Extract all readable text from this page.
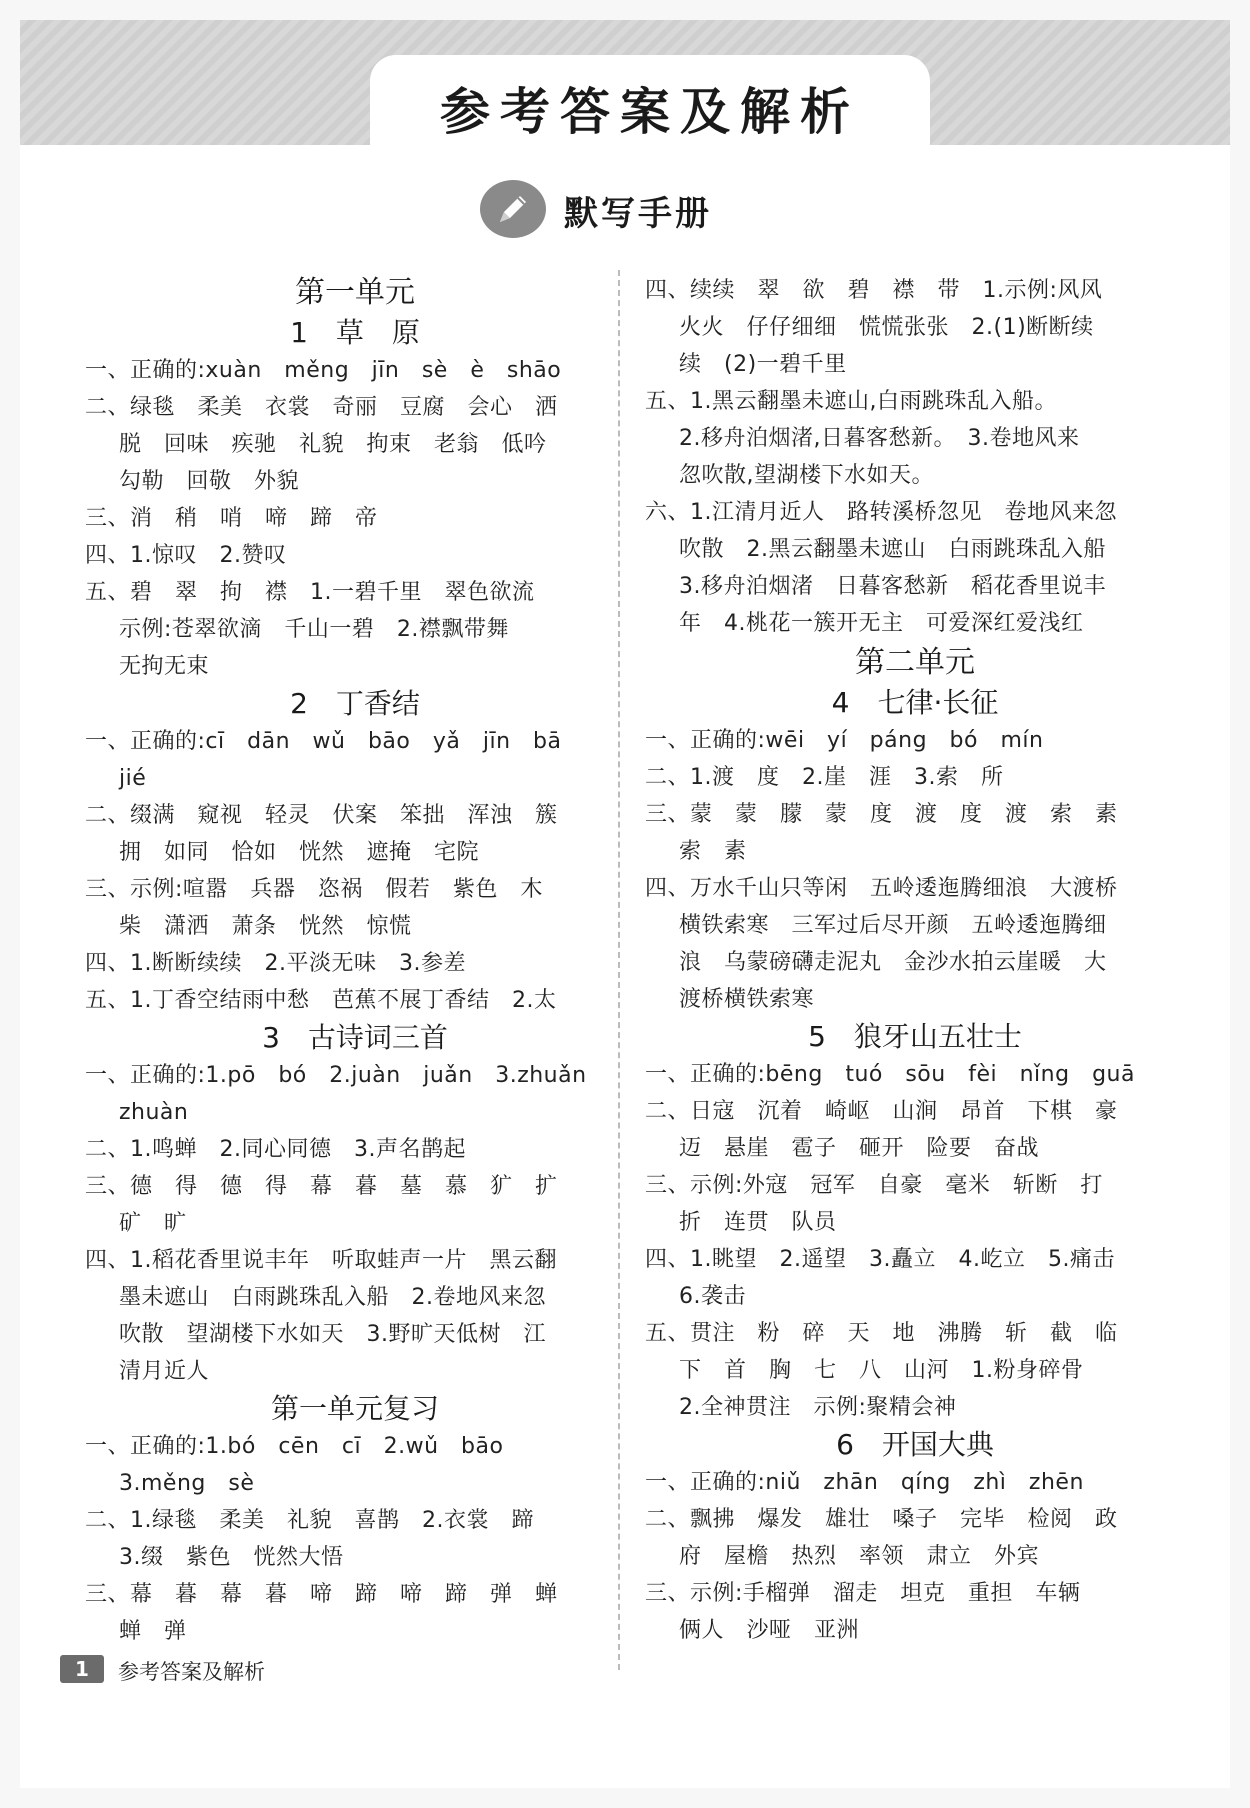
参考答案及解析
默写手册
第一单元
1　草　原
一、正确的:xuàn　měng　jīn　sè　è　shāo
二、绿毯　柔美　衣裳　奇丽　豆腐　会心　洒
脱　回味　疾驰　礼貌　拘束　老翁　低吟
勾勒　回敬　外貌
三、消　稍　哨　啼　蹄　帝
四、1.惊叹　2.赞叹
五、碧　翠　拘　襟　1.一碧千里　翠色欲流
示例:苍翠欲滴　千山一碧　2.襟飘带舞
无拘无束
2　丁香结
一、正确的:cī　dān　wǔ　bāo　yǎ　jīn　bā
jié
二、缀满　窥视　轻灵　伏案　笨拙　浑浊　簇
拥　如同　恰如　恍然　遮掩　宅院
三、示例:喧嚣　兵器　恣祸　假若　紫色　木
柴　潇洒　萧条　恍然　惊慌
四、1.断断续续　2.平淡无味　3.参差
五、1.丁香空结雨中愁　芭蕉不展丁香结　2.太
3　古诗词三首
一、正确的:1.pō　bó　2.juàn　juǎn　3.zhuǎn
zhuàn
二、1.鸣蝉　2.同心同德　3.声名鹊起
三、德　得　德　得　幕　暮　墓　慕　犷　扩
矿　旷
四、1.稻花香里说丰年　听取蛙声一片　黑云翻
墨未遮山　白雨跳珠乱入船　2.卷地风来忽
吹散　望湖楼下水如天　3.野旷天低树　江
清月近人
第一单元复习
一、正确的:1.bó　cēn　cī　2.wǔ　bāo
3.měng　sè
二、1.绿毯　柔美　礼貌　喜鹊　2.衣裳　蹄
3.缀　紫色　恍然大悟
三、幕　暮　幕　暮　啼　蹄　啼　蹄　弹　蝉
蝉　弹
四、续续　翠　欲　碧　襟　带　1.示例:风风
火火　仔仔细细　慌慌张张　2.(1)断断续
续　(2)一碧千里
五、1.黑云翻墨未遮山,白雨跳珠乱入船。
2.移舟泊烟渚,日暮客愁新。　3.卷地风来
忽吹散,望湖楼下水如天。
六、1.江清月近人　路转溪桥忽见　卷地风来忽
吹散　2.黑云翻墨未遮山　白雨跳珠乱入船
3.移舟泊烟渚　日暮客愁新　稻花香里说丰
年　4.桃花一簇开无主　可爱深红爱浅红
第二单元
4　七律·长征
一、正确的:wēi　yí　páng　bó　mín
二、1.渡　度　2.崖　涯　3.索　所
三、蒙　蒙　朦　蒙　度　渡　度　渡　索　素
索　素
四、万水千山只等闲　五岭逶迤腾细浪　大渡桥
横铁索寒　三军过后尽开颜　五岭逶迤腾细
浪　乌蒙磅礴走泥丸　金沙水拍云崖暖　大
渡桥横铁索寒
5　狼牙山五壮士
一、正确的:bēng　tuó　sōu　fèi　nǐng　guā
二、日寇　沉着　崎岖　山涧　昂首　下棋　豪
迈　悬崖　雹子　砸开　险要　奋战
三、示例:外寇　冠军　自豪　毫米　斩断　打
折　连贯　队员
四、1.眺望　2.遥望　3.矗立　4.屹立　5.痛击
6.袭击
五、贯注　粉　碎　天　地　沸腾　斩　截　临
下　首　胸　七　八　山河　1.粉身碎骨
2.全神贯注　示例:聚精会神
6　开国大典
一、正确的:niǔ　zhān　qíng　zhì　zhēn
二、飘拂　爆发　雄壮　嗓子　完毕　检阅　政
府　屋檐　热烈　率领　肃立　外宾
三、示例:手榴弹　溜走　坦克　重担　车辆
俩人　沙哑　亚洲
1	参考答案及解析
